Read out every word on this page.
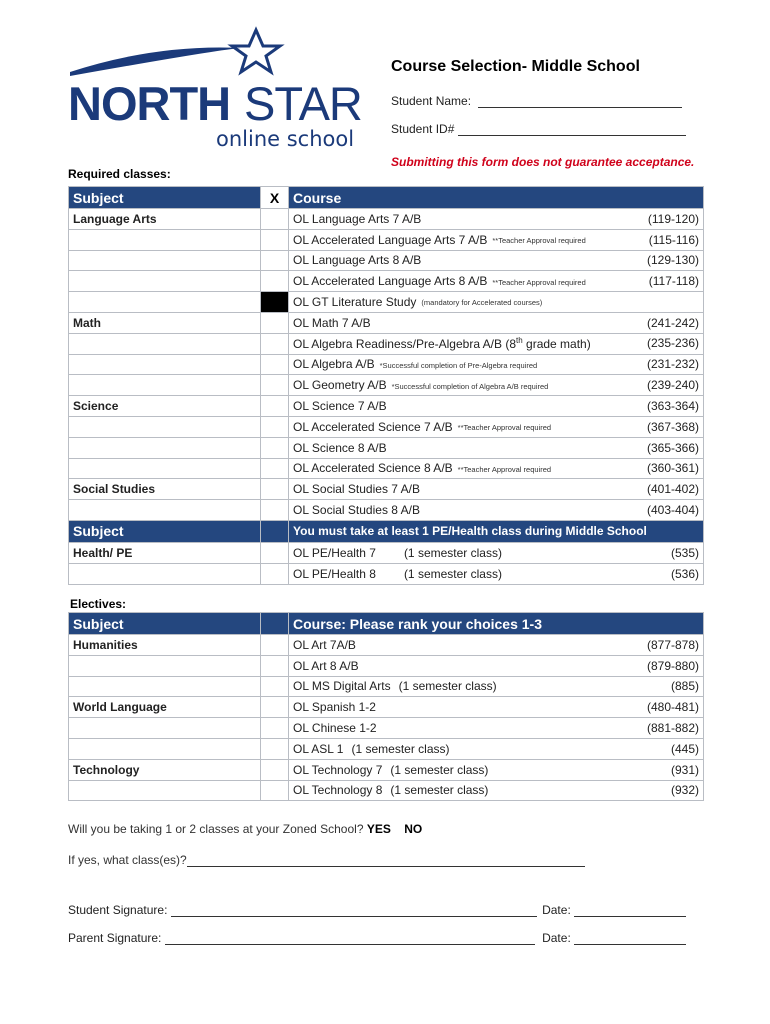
NORTH STAR
online school
Course Selection- Middle School
Student Name:
Student ID#
Submitting this form does not guarantee acceptance.
Required classes:
Subject	X	Course
Language Arts		OL Language Arts 7 A/B (119-120)

		OL Accelerated Language Arts 7 A/B **Teacher Approval required (115-116)

		OL Language Arts 8 A/B (129-130)

		OL Accelerated Language Arts 8 A/B **Teacher Approval required (117-118)

		OL GT Literature Study (mandatory for Accelerated courses)
Math		OL Math 7 A/B (241-242)

		OL Algebra Readiness/Pre-Algebra A/B (8th grade math) (235-236)

		OL Algebra A/B *Successful completion of Pre-Algebra required (231-232)

		OL Geometry A/B *Successful completion of Algebra A/B required (239-240)

Science		OL Science 7 A/B (363-364)

		OL Accelerated Science 7 A/B **Teacher Approval required (367-368)

		OL Science 8 A/B (365-366)

		OL Accelerated Science 8 A/B **Teacher Approval required (360-361)

Social Studies		OL Social Studies 7 A/B (401-402)

		OL Social Studies 8 A/B (403-404)

Subject		You must take at least 1 PE/Health class during Middle School
Health/ PE		OL PE/Health 7 (1 semester class) (535)

		OL PE/Health 8 (1 semester class) (536)
Electives:
Subject		Course: Please rank your choices 1-3
Humanities		OL Art 7A/B (877-878)

		OL Art 8 A/B (879-880)

		OL MS Digital Arts (1 semester class) (885)

World Language		OL Spanish 1-2 (480-481)

		OL Chinese 1-2 (881-882)

		OL ASL 1 (1 semester class) (445)

Technology		OL Technology 7 (1 semester class) (931)

		OL Technology 8 (1 semester class) (932)
Will you be taking 1 or 2 classes at your Zoned School? YES NO
If yes, what class(es)?
Student Signature:	Date:
Parent Signature:	Date:
